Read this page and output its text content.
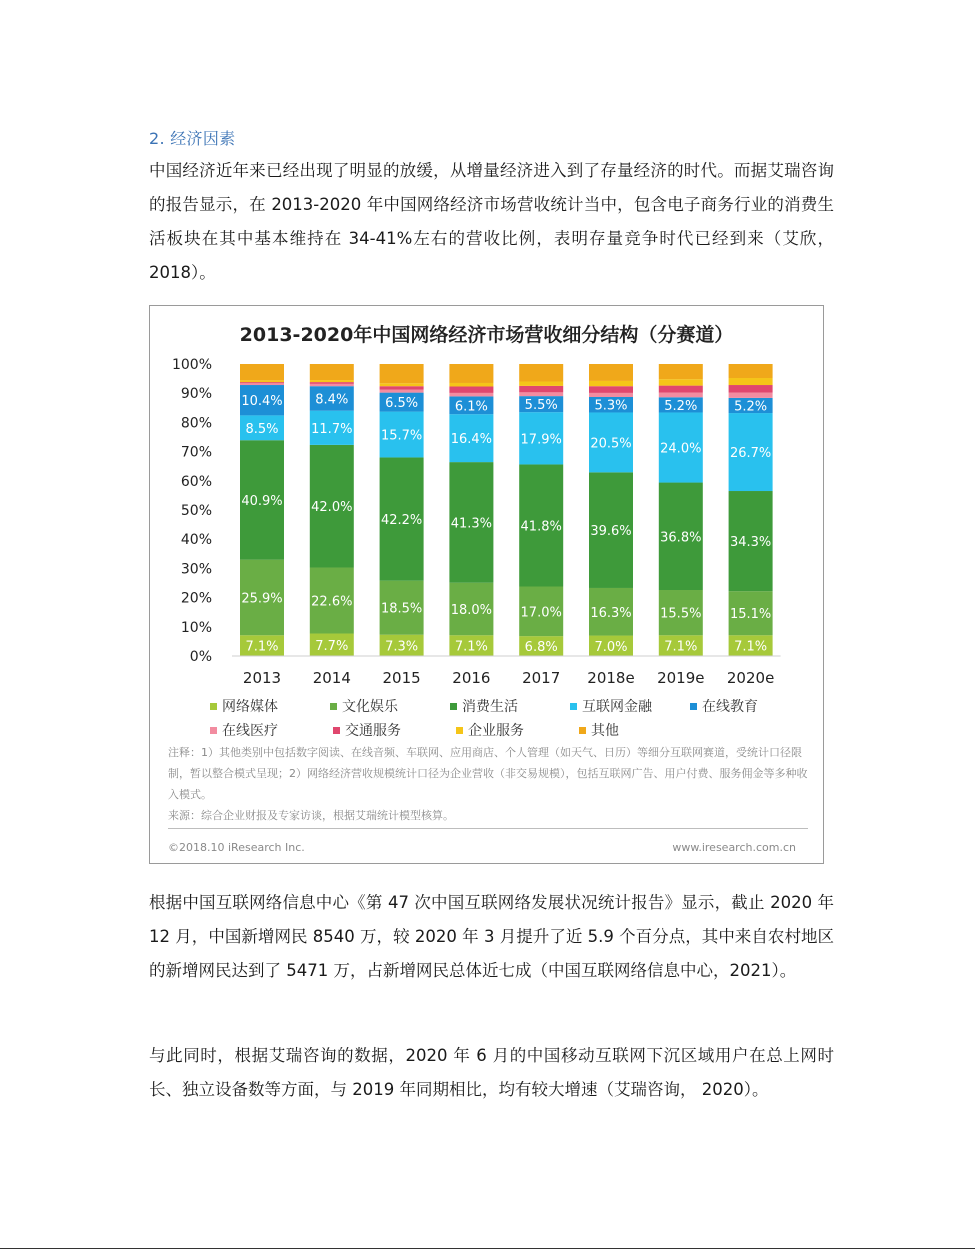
2. 经济因素

中国经济近年来已经出现了明显的放缓，从增量经济进入到了存量经济的时代。而据艾瑞咨询的报告显示，在 2013-2020 年中国网络经济市场营收统计当中，包含电子商务行业的消费生活板块在其中基本维持在 34-41%左右的营收比例，表明存量竞争时代已经到来（艾欣，2018）。

2013-2020年中国网络经济市场营收细分结构（分赛道）
0%
10%
20%
30%
40%
50%
60%
70%
80%
90%
100%
7.1%
25.9%
40.9%
8.5%
10.4%
2013
7.7%
22.6%
42.0%
11.7%
8.4%
2014
7.3%
18.5%
42.2%
15.7%
6.5%
2015
7.1%
18.0%
41.3%
16.4%
6.1%
2016
6.8%
17.0%
41.8%
17.9%
5.5%
2017
7.0%
16.3%
39.6%
20.5%
5.3%
2018e
7.1%
15.5%
36.8%
24.0%
5.2%
2019e
7.1%
15.1%
34.3%
26.7%
5.2%
2020e
网络媒体	文化娱乐	消费生活	互联网金融	在线教育
在线医疗	交通服务	企业服务	其他

注释：1）其他类别中包括数字阅读、在线音频、车联网、应用商店、个人管理（如天气、日历）等细分互联网赛道，受统计口径限制，暂以整合模式呈现；2）网络经济营收规模统计口径为企业营收（非交易规模），包括互联网广告、用户付费、服务佣金等多种收入模式。

来源：综合企业财报及专家访谈，根据艾瑞统计模型核算。

©2018.10 iResearch Inc.	www.iresearch.com.cn

根据中国互联网络信息中心《第 47 次中国互联网络发展状况统计报告》显示，截止 2020 年 12 月，中国新增网民 8540 万，较 2020 年 3 月提升了近 5.9 个百分点，其中来自农村地区的新增网民达到了 5471 万，占新增网民总体近七成（中国互联网络信息中心，2021）。

与此同时，根据艾瑞咨询的数据，2020 年 6 月的中国移动互联网下沉区域用户在总上网时长、独立设备数等方面，与 2019 年同期相比，均有较大增速（艾瑞咨询， 2020）。
